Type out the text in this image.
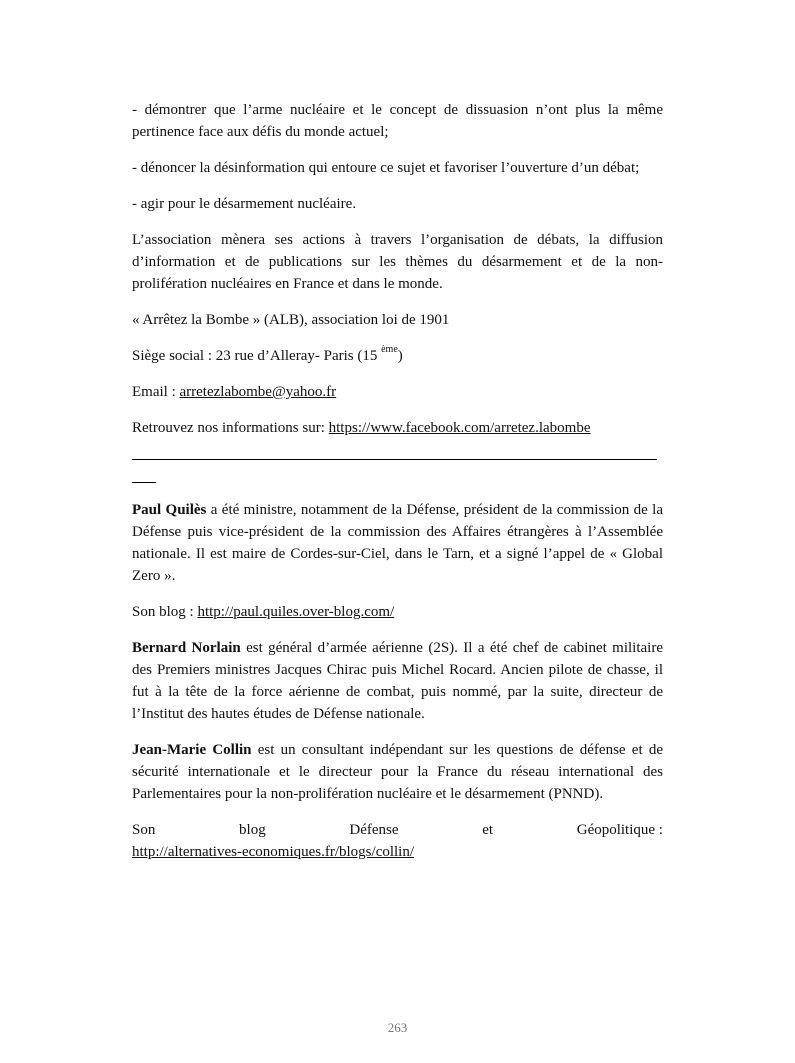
- démontrer que l’arme nucléaire et le concept de dissuasion n’ont plus la même pertinence face aux défis du monde actuel;

- dénoncer la désinformation qui entoure ce sujet et favoriser l’ouverture d’un débat;

- agir pour le désarmement nucléaire.

L’association mènera ses actions à travers l’organisation de débats, la diffusion d’information et de publications sur les thèmes du désarmement et de la non-prolifération nucléaires en France et dans le monde.

« Arrêtez la Bombe » (ALB), association loi de 1901

Siège social : 23 rue d’Alleray- Paris (15 $^{ème}$)

Email : arretezlabombe@yahoo.fr

Retrouvez nos informations sur: https://www.facebook.com/arretez.labombe

Paul Quilès a été ministre, notamment de la Défense, président de la commission de la Défense puis vice-président de la commission des Affaires étrangères à l’Assemblée nationale. Il est maire de Cordes-sur-Ciel, dans le Tarn, et a signé l’appel de « Global Zero ».

Son blog : http://paul.quiles.over-blog.com/

Bernard Norlain est général d’armée aérienne (2S). Il a été chef de cabinet militaire des Premiers ministres Jacques Chirac puis Michel Rocard. Ancien pilote de chasse, il fut à la tête de la force aérienne de combat, puis nommé, par la suite, directeur de l’Institut des hautes études de Défense nationale.

Jean-Marie Collin est un consultant indépendant sur les questions de défense et de sécurité internationale et le directeur pour la France du réseau international des Parlementaires pour la non-prolifération nucléaire et le désarmement (PNND).

Son	blog	Défense	et	Géopolitique :
http://alternatives-economiques.fr/blogs/collin/
263
